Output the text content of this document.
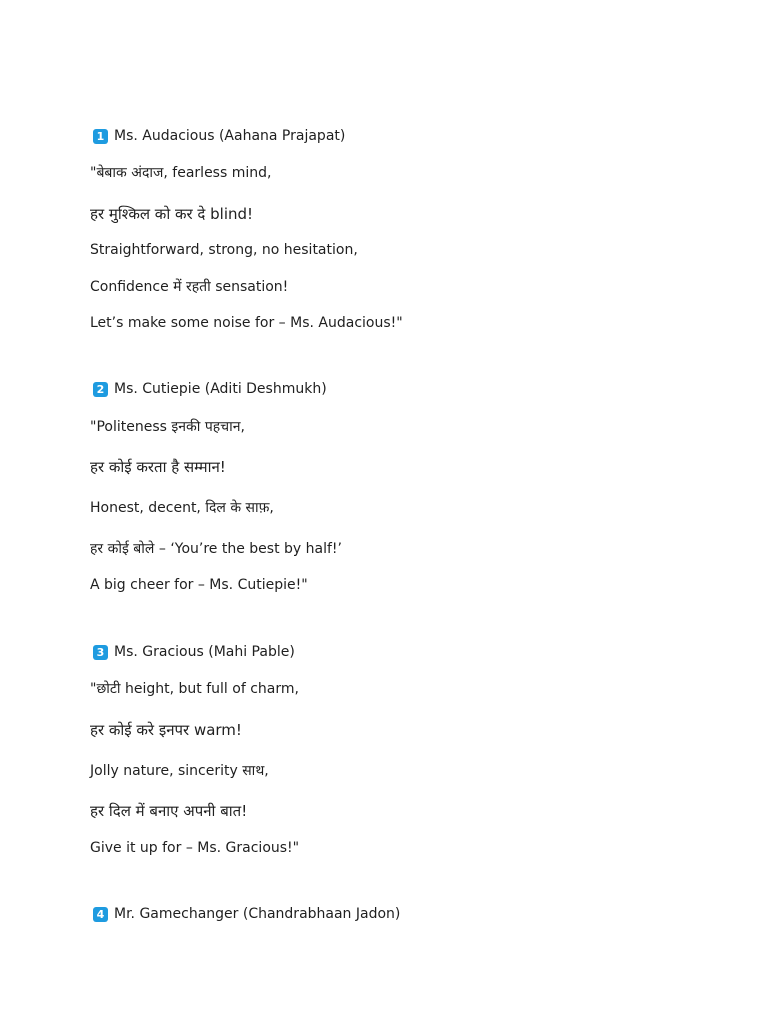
1 Ms. Audacious (Aahana Prajapat)
"बेबाक अंदाज, fearless mind,
हर मुश्किल को कर दे blind!
Straightforward, strong, no hesitation,
Confidence में रहती sensation!
Let’s make some noise for – Ms. Audacious!"
2 Ms. Cutiepie (Aditi Deshmukh)
"Politeness इनकी पहचान,
हर कोई करता है सम्मान!
Honest, decent, दिल के साफ़,
हर कोई बोले – ‘You’re the best by half!’
A big cheer for – Ms. Cutiepie!"
3 Ms. Gracious (Mahi Pable)
"छोटी height, but full of charm,
हर कोई करे इनपर warm!
Jolly nature, sincerity साथ,
हर दिल में बनाए अपनी बात!
Give it up for – Ms. Gracious!"
4 Mr. Gamechanger (Chandrabhaan Jadon)
